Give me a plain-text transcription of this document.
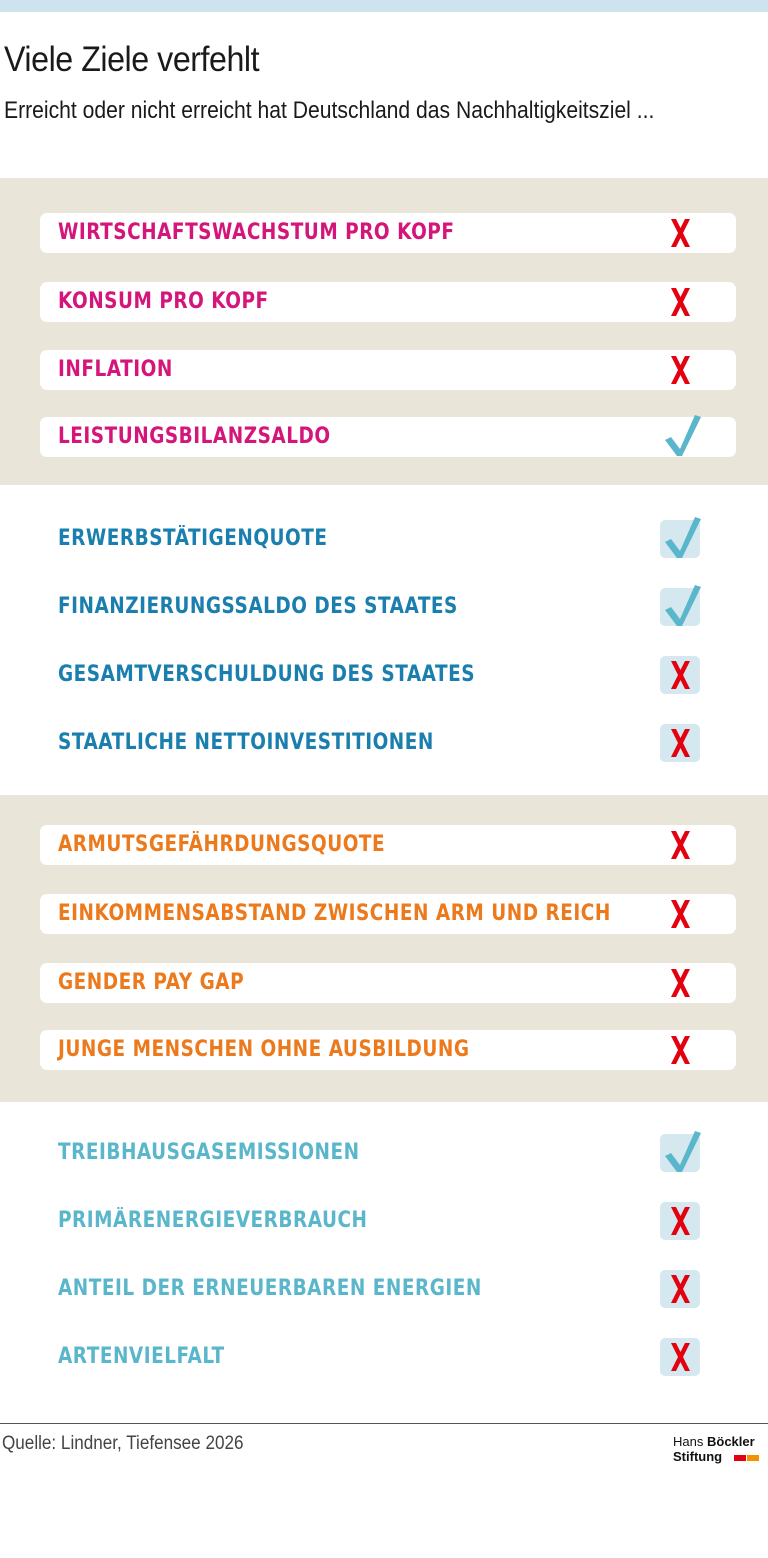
Viele Ziele verfehlt
Erreicht oder nicht erreicht hat Deutschland das Nachhaltigkeitsziel ...
WIRTSCHAFTSWACHSTUM PRO KOPF
KONSUM PRO KOPF
INFLATION
LEISTUNGSBILANZSALDO
ERWERBSTÄTIGENQUOTE
FINANZIERUNGSSALDO DES STAATES
GESAMTVERSCHULDUNG DES STAATES
STAATLICHE NETTOINVESTITIONEN
ARMUTSGEFÄHRDUNGSQUOTE
EINKOMMENSABSTAND ZWISCHEN ARM UND REICH
GENDER PAY GAP
JUNGE MENSCHEN OHNE AUSBILDUNG
TREIBHAUSGASEMISSIONEN
PRIMÄRENERGIEVERBRAUCH
ANTEIL DER ERNEUERBAREN ENERGIEN
ARTENVIELFALT
Quelle: Lindner, Tiefensee 2026	Hans Böckler
Stiftung
